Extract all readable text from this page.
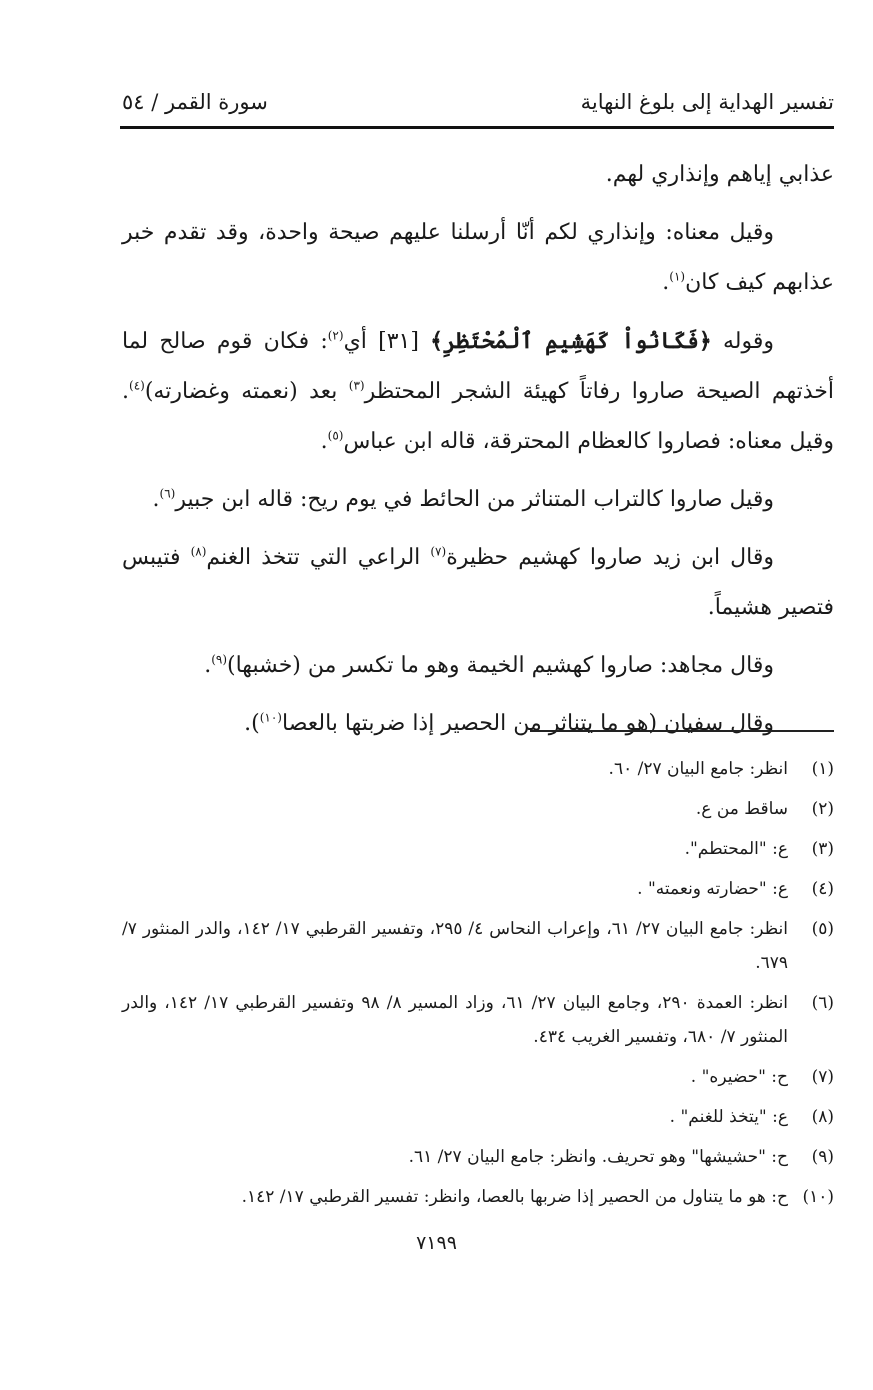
تفسير الهداية إلى بلوغ النهاية
سورة القمر / ٥٤

عذابي إياهم وإنذاري لهم.

وقيل معناه: وإنذاري لكم أنّا أرسلنا عليهم صيحة واحدة، وقد تقدم خبر عذابهم كيف كان$^{(١)}$.

وقوله ﴿فَكَانُواْ كَهَشِيمِ ٱلْمُحْتَظِرِ﴾ [٣١] أي$^{(٢)}$: فكان قوم صالح لما أخذتهم الصيحة صاروا رفاتاً كهيئة الشجر المحتظر$^{(٣)}$ بعد (نعمته وغضارته)$^{(٤)}$. وقيل معناه: فصاروا كالعظام المحترقة، قاله ابن عباس$^{(٥)}$.

وقيل صاروا كالتراب المتناثر من الحائط في يوم ريح: قاله ابن جبير$^{(٦)}$.

وقال ابن زيد صاروا كهشيم حظيرة$^{(٧)}$ الراعي التي تتخذ الغنم$^{(٨)}$ فتيبس فتصير هشيماً.

وقال مجاهد: صاروا كهشيم الخيمة وهو ما تكسر من (خشبها)$^{(٩)}$.

وقال سفيان (هو ما يتناثر من الحصير إذا ضربتها بالعصا$^{(١٠)}$).

(١)
انظر: جامع البيان ٢٧/ ٦٠.
(٢)
ساقط من ع.
(٣)
ع: "المحتطم".
(٤)
ع: "حضارته ونعمته" .
(٥)
انظر: جامع البيان ٢٧/ ٦١، وإعراب النحاس ٤/ ٢٩٥، وتفسير القرطبي ١٧/ ١٤٢، والدر المنثور ٧/ ٦٧٩.
(٦)
انظر: العمدة ٢٩٠، وجامع البيان ٢٧/ ٦١، وزاد المسير ٨/ ٩٨ وتفسير القرطبي ١٧/ ١٤٢، والدر المنثور ٧/ ٦٨٠، وتفسير الغريب ٤٣٤.
(٧)
ح: "حضيره" .
(٨)
ع: "يتخذ للغنم" .
(٩)
ح: "حشيشها" وهو تحريف. وانظر: جامع البيان ٢٧/ ٦١.
(١٠)
ح: هو ما يتناول من الحصير إذا ضربها بالعصا، وانظر: تفسير القرطبي ١٧/ ١٤٢.
٧١٩٩
